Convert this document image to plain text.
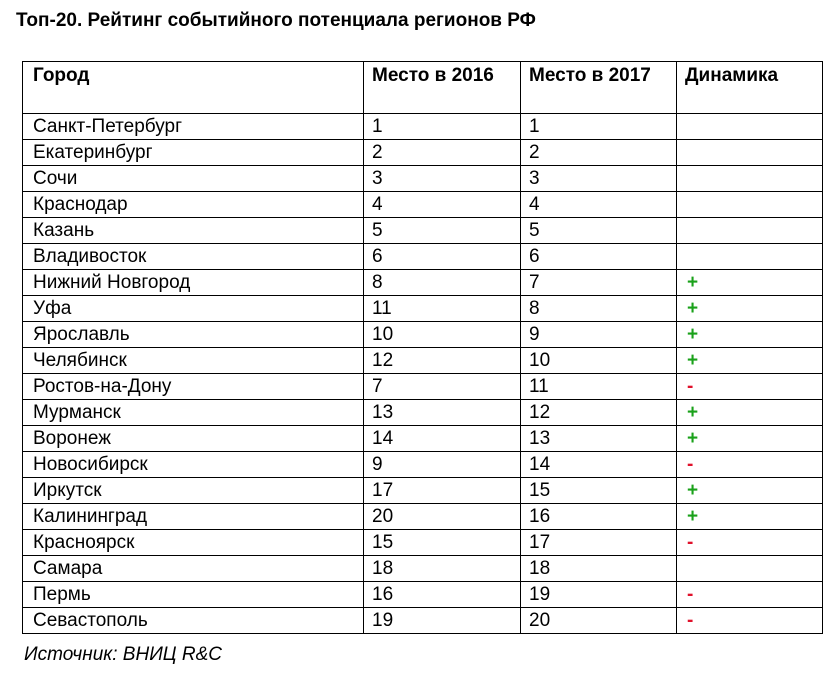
Топ-20. Рейтинг событийного потенциала регионов РФ
Город	Место в 2016	Место в 2017	Динамика
Санкт-Петербург	1	1	
Екатеринбург	2	2	
Сочи	3	3	
Краснодар	4	4	
Казань	5	5	
Владивосток	6	6	
Нижний Новгород	8	7	+
Уфа	11	8	+
Ярославль	10	9	+
Челябинск	12	10	+
Ростов-на-Дону	7	11	-
Мурманск	13	12	+
Воронеж	14	13	+
Новосибирск	9	14	-
Иркутск	17	15	+
Калининград	20	16	+
Красноярск	15	17	-
Самара	18	18	
Пермь	16	19	-
Севастополь	19	20	-
Источник: ВНИЦ R&C
